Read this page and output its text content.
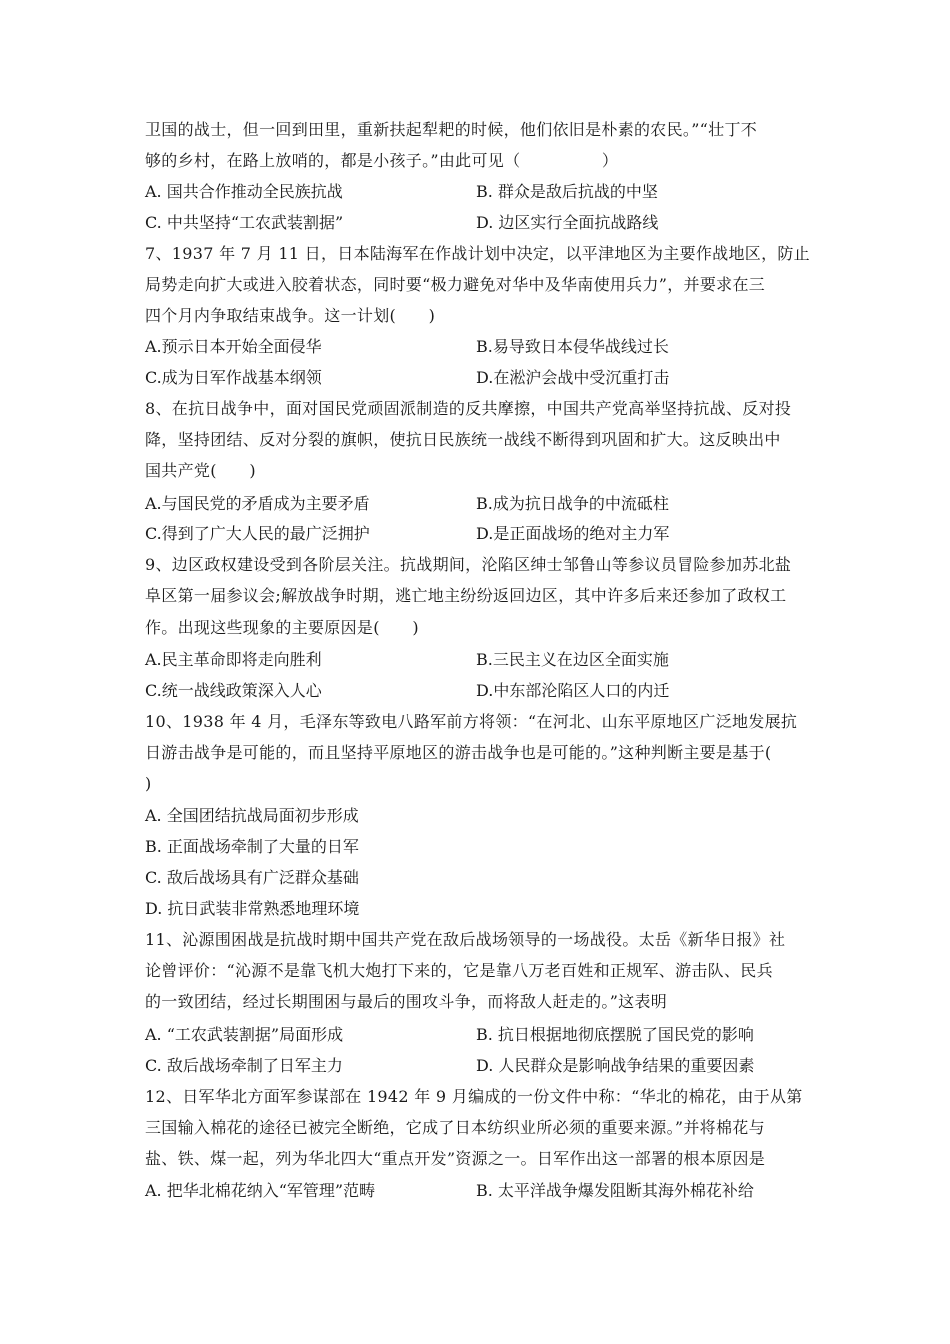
卫国的战士，但一回到田里，重新扶起犁耙的时候，他们依旧是朴素的农民。”“壮丁不
够的乡村，在路上放哨的，都是小孩子。”由此可见（　　　　　）
A. 国共合作推动全民族抗战	B. 群众是敌后抗战的中坚
C. 中共坚持“工农武装割据”	D. 边区实行全面抗战路线
7、1937 年 7 月 11 日，日本陆海军在作战计划中决定，以平津地区为主要作战地区，防止
局势走向扩大或进入胶着状态，同时要“极力避免对华中及华南使用兵力”，并要求在三
四个月内争取结束战争。这一计划(　　)
A.预示日本开始全面侵华	B.易导致日本侵华战线过长
C.成为日军作战基本纲领	D.在淞沪会战中受沉重打击
8、在抗日战争中，面对国民党顽固派制造的反共摩擦，中国共产党高举坚持抗战、反对投
降，坚持团结、反对分裂的旗帜，使抗日民族统一战线不断得到巩固和扩大。这反映出中
国共产党(　　)
A.与国民党的矛盾成为主要矛盾	B.成为抗日战争的中流砥柱
C.得到了广大人民的最广泛拥护	D.是正面战场的绝对主力军
9、边区政权建设受到各阶层关注。抗战期间，沦陷区绅士邹鲁山等参议员冒险参加苏北盐
阜区第一届参议会;解放战争时期，逃亡地主纷纷返回边区，其中许多后来还参加了政权工
作。出现这些现象的主要原因是(　　)
A.民主革命即将走向胜利	B.三民主义在边区全面实施
C.统一战线政策深入人心	D.中东部沦陷区人口的内迁
10、1938 年 4 月，毛泽东等致电八路军前方将领：“在河北、山东平原地区广泛地发展抗
日游击战争是可能的，而且坚持平原地区的游击战争也是可能的。”这种判断主要是基于(
)
A. 全国团结抗战局面初步形成
B. 正面战场牵制了大量的日军
C. 敌后战场具有广泛群众基础
D. 抗日武装非常熟悉地理环境
11、沁源围困战是抗战时期中国共产党在敌后战场领导的一场战役。太岳《新华日报》社
论曾评价：“沁源不是靠飞机大炮打下来的，它是靠八万老百姓和正规军、游击队、民兵
的一致团结，经过长期围困与最后的围攻斗争，而将敌人赶走的。”这表明
A. “工农武装割据”局面形成	B. 抗日根据地彻底摆脱了国民党的影响
C. 敌后战场牵制了日军主力	D. 人民群众是影响战争结果的重要因素
12、日军华北方面军参谋部在 1942 年 9 月编成的一份文件中称：“华北的棉花，由于从第
三国输入棉花的途径已被完全断绝，它成了日本纺织业所必须的重要来源。”并将棉花与
盐、铁、煤一起，列为华北四大“重点开发”资源之一。日军作出这一部署的根本原因是
A. 把华北棉花纳入“军管理”范畴	B. 太平洋战争爆发阻断其海外棉花补给
